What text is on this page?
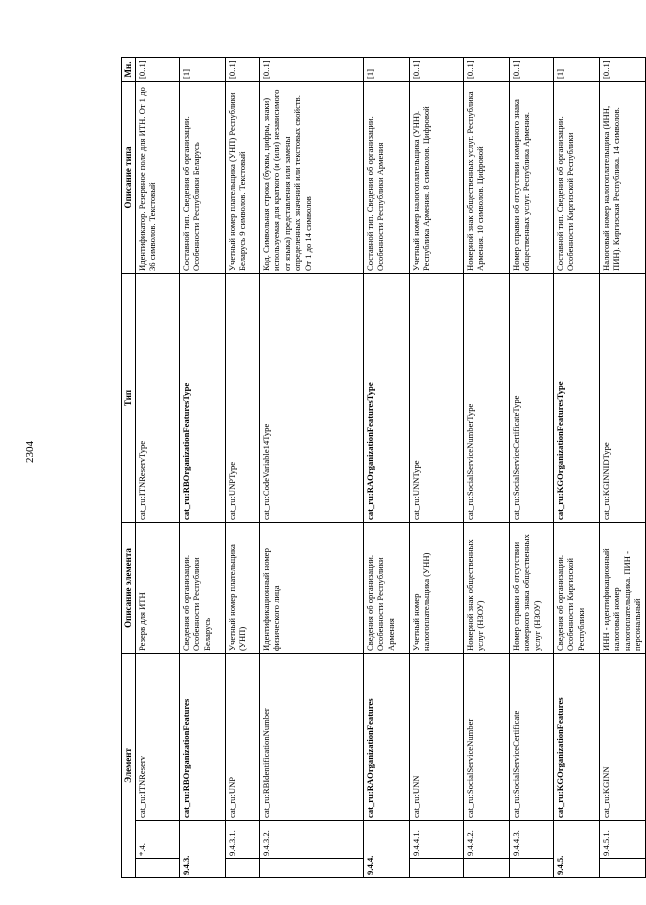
2304
Элемент			Описание элемента	Тип	Описание типа	Мн.
	*.4.	cat_ru:ITNReserv	Резерв для ИТН	cat_ru:ITNReservType	Идентификатор. Резервное поле для ИТН. От 1 до 36 символов. Текстовый	[0..1]
9.4.3.		cat_ru:RBOrganizationFeatures	Сведения об организации. Особенности Республики Беларусь	cat_ru:RBOrganizationFeaturesType	Составной тип. Сведения об организации. Особенности Республики Беларусь	[1]
	9.4.3.1.	cat_ru:UNP	Учетный номер плательщика (УНП)	cat_ru:UNPType	Учетный номер плательщика (УНП) Республики Беларусь 9 символов. Текстовый	[0..1]
	9.4.3.2.	cat_ru:RBIdentificationNumber	Идентификационный номер физического лица	cat_ru:CodeVariable14Type	Код. Символьная строка (буквы, цифры, знаки) используемая для краткого (и (или) независимого от языка) представления или замены определенных значений или текстовых свойств. От 1 до 14 символов	[0..1]
9.4.4.		cat_ru:RAOrganizationFeatures	Сведения об организации. Особенности Республики Армения	cat_ru:RAOrganizationFeaturesType	Составной тип. Сведения об организации. Особенности Республики Армения	[1]
	9.4.4.1.	cat_ru:UNN	Учетный номер налогоплательщика (УНН)	cat_ru:UNNType	Учетный номер налогоплательщика (УНН). Республика Армения. 8 символов. Цифровой	[0..1]
	9.4.4.2.	cat_ru:SocialServiceNumber	Номерной знак общественных услуг (НЗОУ)	cat_ru:SocialServiceNumberType	Номерной знак общественных услуг. Республика Армения. 10 символов. Цифровой	[0..1]
	9.4.4.3.	cat_ru:SocialServiceCertificate	Номер справки об отсутствии номерного знака общественных услуг (НЗОУ)	cat_ru:SocialServiceCertificateType	Номер справки об отсутствии номерного знака общественных услуг. Республика Армения.	[0..1]
9.4.5.		cat_ru:KGOrganizationFeatures	Сведения об организации. Особенности Киргизской Республики	cat_ru:KGOrganizationFeaturesType	Составной тип. Сведения об организации. Особенности Киргизской Республики	[1]
	9.4.5.1.	cat_ru:KGINN	ИНН - идентификационный налоговый номер налогоплательщика. ПИН - персональный	cat_ru:KGINNIDType	Налоговый номер налогоплательщика (ИНН, ПИН). Киргизская Республика. 14 символов.	[0..1]
